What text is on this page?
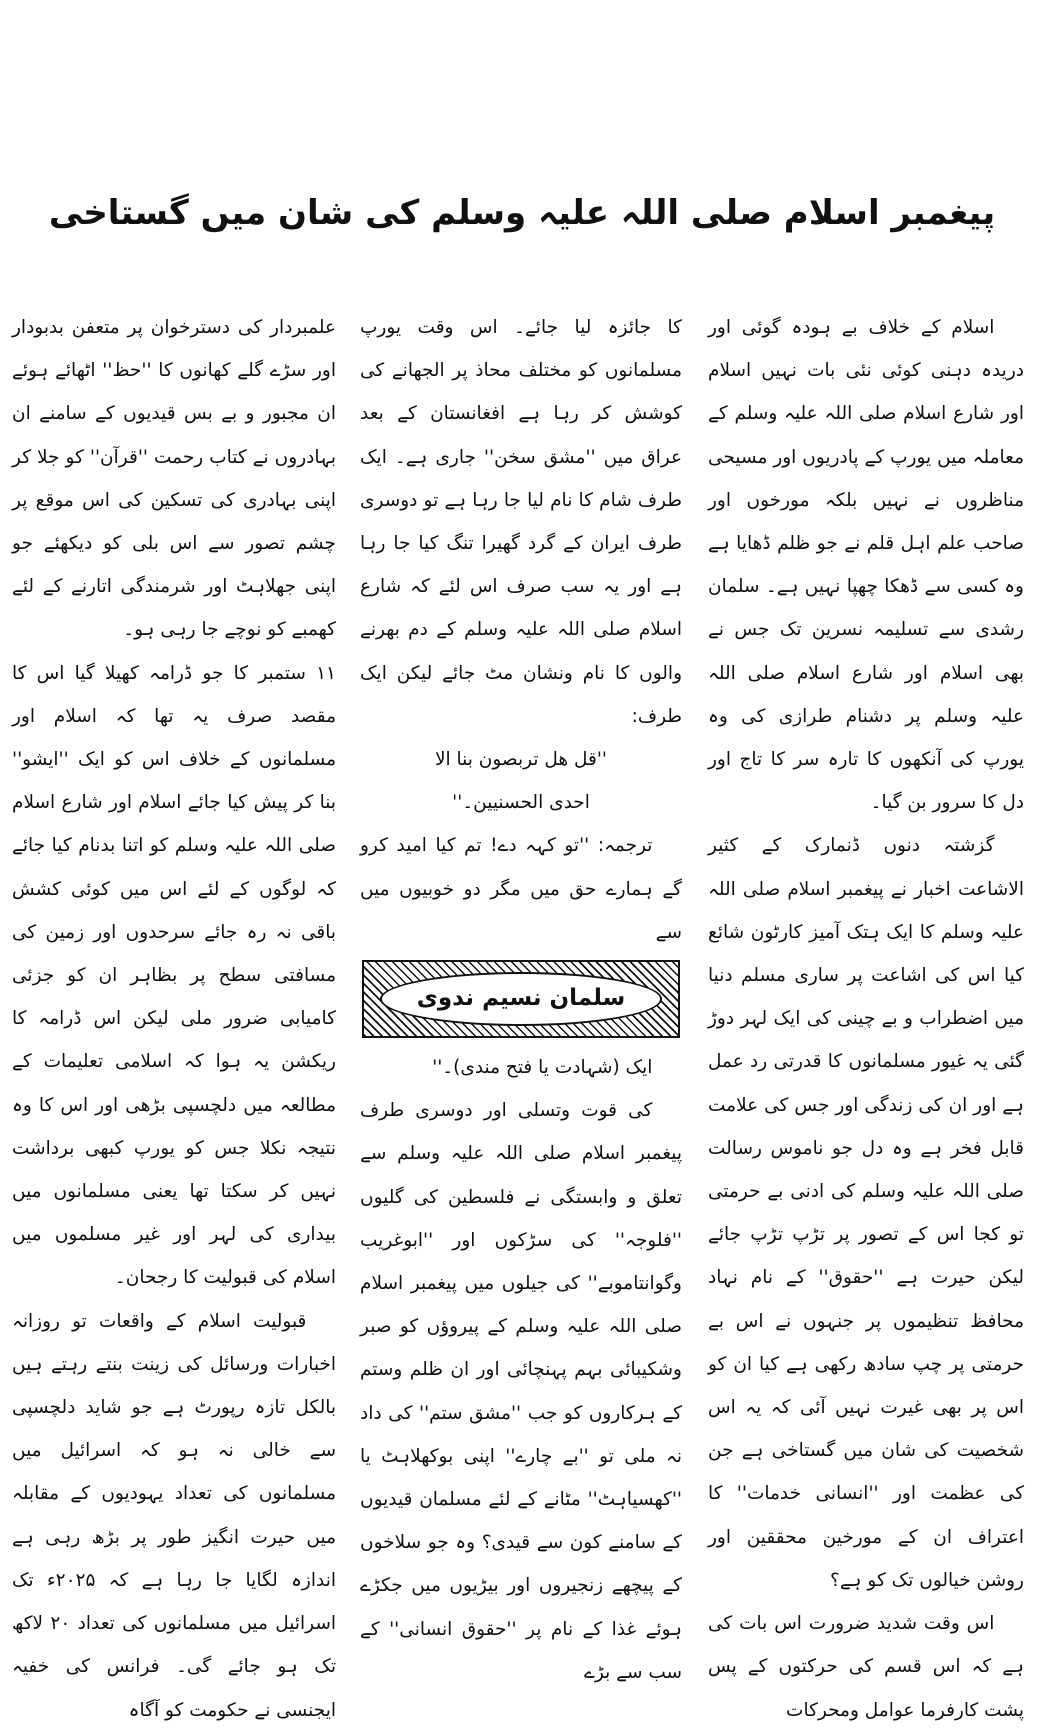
پیغمبر اسلام صلی اللہ علیہ وسلم کی شان میں گستاخی

اسلام کے خلاف بے ہودہ گوئی اور دریدہ دہنی کوئی نئی بات نہیں اسلام اور شارع اسلام صلی اللہ علیہ وسلم کے معاملہ میں یورپ کے پادریوں اور مسیحی مناظروں نے نہیں بلکہ مورخوں اور صاحب علم اہل قلم نے جو ظلم ڈھایا ہے وہ کسی سے ڈھکا چھپا نہیں ہے۔ سلمان رشدی سے تسلیمہ نسرین تک جس نے بھی اسلام اور شارع اسلام صلی اللہ علیہ وسلم پر دشنام طرازی کی وہ یورپ کی آنکھوں کا تارہ سر کا تاج اور دل کا سرور بن گیا۔

گزشتہ دنوں ڈنمارک کے کثیر الاشاعت اخبار نے پیغمبر اسلام صلی اللہ علیہ وسلم کا ایک ہتک آمیز کارٹون شائع کیا اس کی اشاعت پر ساری مسلم دنیا میں اضطراب و بے چینی کی ایک لہر دوڑ گئی یہ غیور مسلمانوں کا قدرتی رد عمل ہے اور ان کی زندگی اور جس کی علامت قابل فخر ہے وہ دل جو ناموس رسالت صلی اللہ علیہ وسلم کی ادنی بے حرمتی تو کجا اس کے تصور پر تڑپ تڑپ جائے لیکن حیرت ہے ''حقوق'' کے نام نہاد محافظ تنظیموں پر جنہوں نے اس بے حرمتی پر چپ سادھ رکھی ہے کیا ان کو اس پر بھی غیرت نہیں آئی کہ یہ اس شخصیت کی شان میں گستاخی ہے جن کی عظمت اور ''انسانی خدمات'' کا اعتراف ان کے مورخین محققین اور روشن خیالوں تک کو ہے؟

اس وقت شدید ضرورت اس بات کی ہے کہ اس قسم کی حرکتوں کے پس پشت کارفرما عوامل ومحرکات

کا جائزہ لیا جائے۔ اس وقت یورپ مسلمانوں کو مختلف محاذ پر الجھانے کی کوشش کر رہا ہے افغانستان کے بعد عراق میں ''مشق سخن'' جاری ہے۔ ایک طرف شام کا نام لیا جا رہا ہے تو دوسری طرف ایران کے گرد گھیرا تنگ کیا جا رہا ہے اور یہ سب صرف اس لئے کہ شارع اسلام صلی اللہ علیہ وسلم کے دم بھرنے والوں کا نام ونشان مٹ جائے لیکن ایک طرف:

''قل ھل تربصون بنا الا

احدی الحسنیین۔''

ترجمہ: ''تو کہہ دے! تم کیا امید کرو گے ہمارے حق میں مگر دو خوبیوں میں سے

سلمان نسیم ندوی

ایک (شہادت یا فتح مندی)۔''

کی قوت وتسلی اور دوسری طرف پیغمبر اسلام صلی اللہ علیہ وسلم سے تعلق و وابستگی نے فلسطین کی گلیوں ''فلوجہ'' کی سڑکوں اور ''ابوغریب وگوانتاموبے'' کی جیلوں میں پیغمبر اسلام صلی اللہ علیہ وسلم کے پیروؤں کو صبر وشکیبائی بہم پہنچائی اور ان ظلم وستم کے ہرکاروں کو جب ''مشق ستم'' کی داد نہ ملی تو ''بے چارے'' اپنی بوکھلاہٹ یا ''کھسیاہٹ'' مٹانے کے لئے مسلمان قیدیوں کے سامنے کون سے قیدی؟ وہ جو سلاخوں کے پیچھے زنجیروں اور بیڑیوں میں جکڑے ہوئے غذا کے نام پر ''حقوق انسانی'' کے سب سے بڑے

علمبردار کی دسترخوان پر متعفن بدبودار اور سڑے گلے کھانوں کا ''حظ'' اٹھائے ہوئے ان مجبور و بے بس قیدیوں کے سامنے ان بہادروں نے کتاب رحمت ''قرآن'' کو جلا کر اپنی بہادری کی تسکین کی اس موقع پر چشم تصور سے اس بلی کو دیکھئے جو اپنی جھلاہٹ اور شرمندگی اتارنے کے لئے کھمبے کو نوچے جا رہی ہو۔

۱۱ ستمبر کا جو ڈرامہ کھیلا گیا اس کا مقصد صرف یہ تھا کہ اسلام اور مسلمانوں کے خلاف اس کو ایک ''ایشو'' بنا کر پیش کیا جائے اسلام اور شارع اسلام صلی اللہ علیہ وسلم کو اتنا بدنام کیا جائے کہ لوگوں کے لئے اس میں کوئی کشش باقی نہ رہ جائے سرحدوں اور زمین کی مسافتی سطح پر بظاہر ان کو جزئی کامیابی ضرور ملی لیکن اس ڈرامہ کا ریکشن یہ ہوا کہ اسلامی تعلیمات کے مطالعہ میں دلچسپی بڑھی اور اس کا وہ نتیجہ نکلا جس کو یورپ کبھی برداشت نہیں کر سکتا تھا یعنی مسلمانوں میں بیداری کی لہر اور غیر مسلموں میں اسلام کی قبولیت کا رجحان۔

قبولیت اسلام کے واقعات تو روزانہ اخبارات ورسائل کی زینت بنتے رہتے ہیں بالکل تازہ رپورٹ ہے جو شاید دلچسپی سے خالی نہ ہو کہ اسرائیل میں مسلمانوں کی تعداد یہودیوں کے مقابلہ میں حیرت انگیز طور پر بڑھ رہی ہے اندازہ لگایا جا رہا ہے کہ ۲۰۲۵ء تک اسرائیل میں مسلمانوں کی تعداد ۲۰ لاکھ تک ہو جائے گی۔ فرانس کی خفیہ ایجنسی نے حکومت کو آگاہ
